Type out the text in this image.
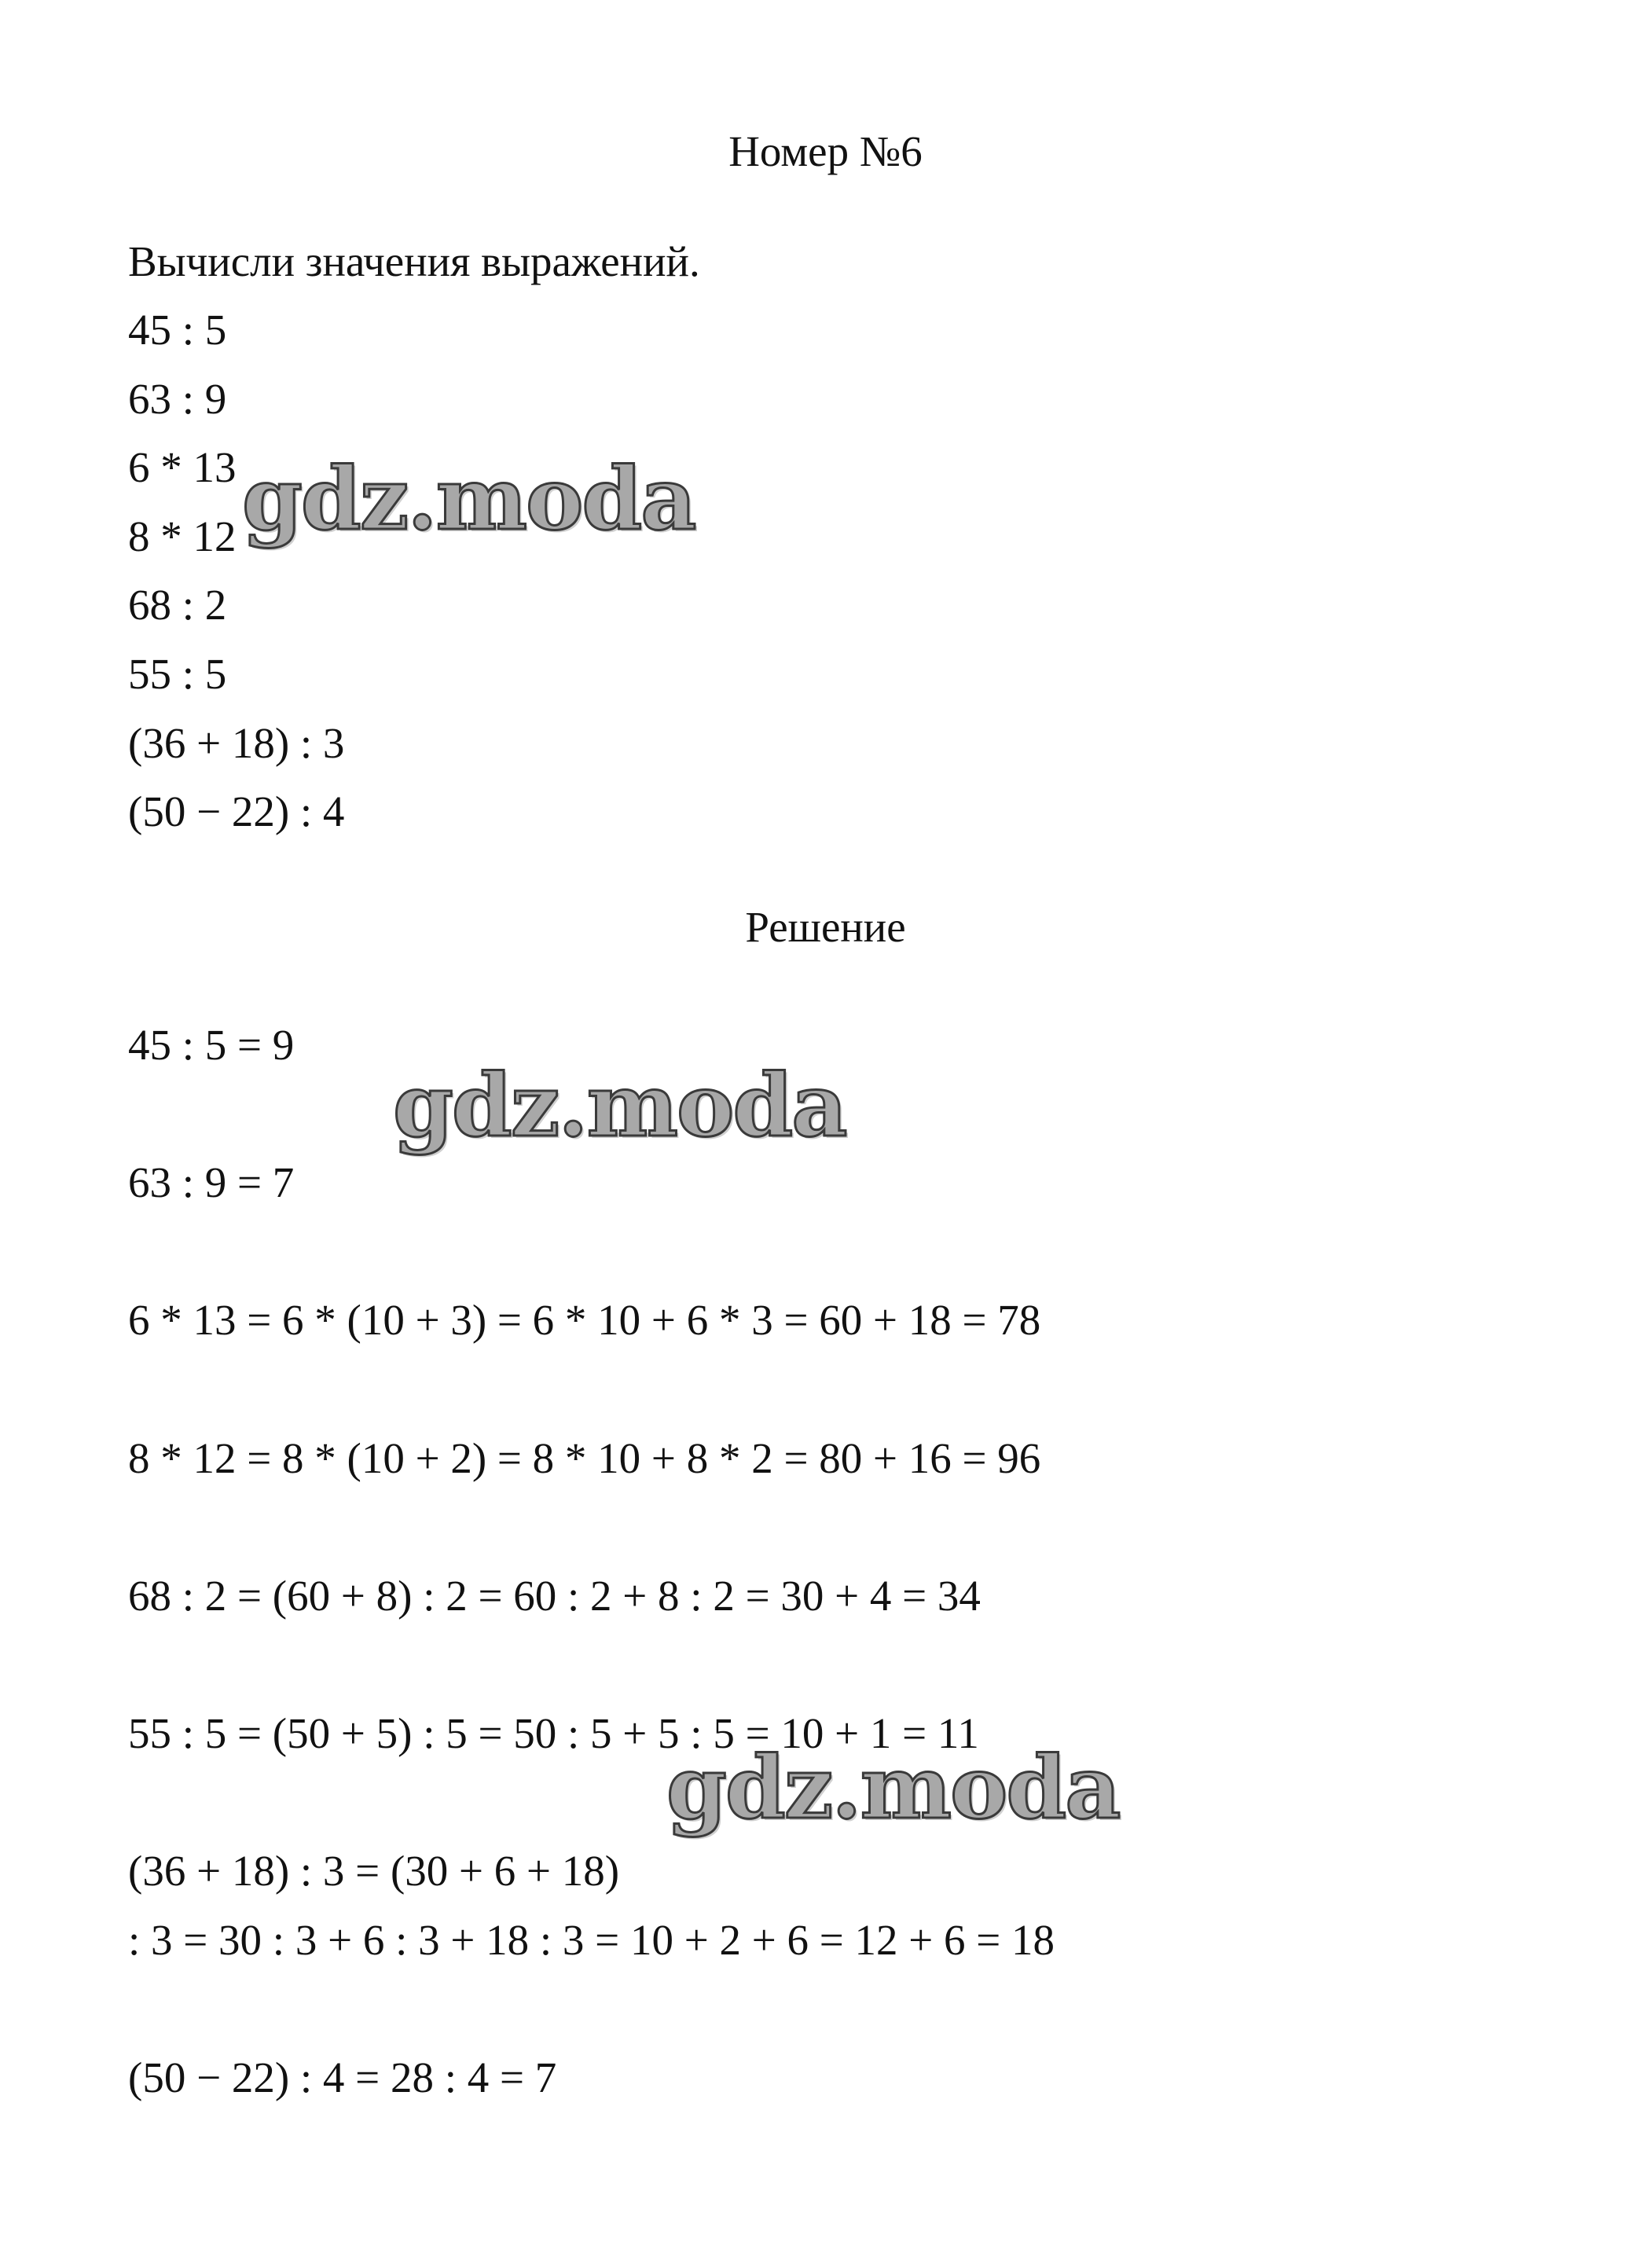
Номер №6
Вычисли значения выражений.
45 : 5
63 : 9
6 * 13
8 * 12
68 : 2
55 : 5
(36 + 18) : 3
(50 − 22) : 4
Решение
45 : 5 = 9
63 : 9 = 7
6 * 13 = 6 * (10 + 3) = 6 * 10 + 6 * 3 = 60 + 18 = 78
8 * 12 = 8 * (10 + 2) = 8 * 10 + 8 * 2 = 80 + 16 = 96
68 : 2 = (60 + 8) : 2 = 60 : 2 + 8 : 2 = 30 + 4 = 34
55 : 5 = (50 + 5) : 5 = 50 : 5 + 5 : 5 = 10 + 1 = 11
(36 + 18) : 3 = (30 + 6 + 18)
: 3 = 30 : 3 + 6 : 3 + 18 : 3 = 10 + 2 + 6 = 12 + 6 = 18
(50 − 22) : 4 = 28 : 4 = 7
gdz.moda
gdz.moda
gdz.moda
